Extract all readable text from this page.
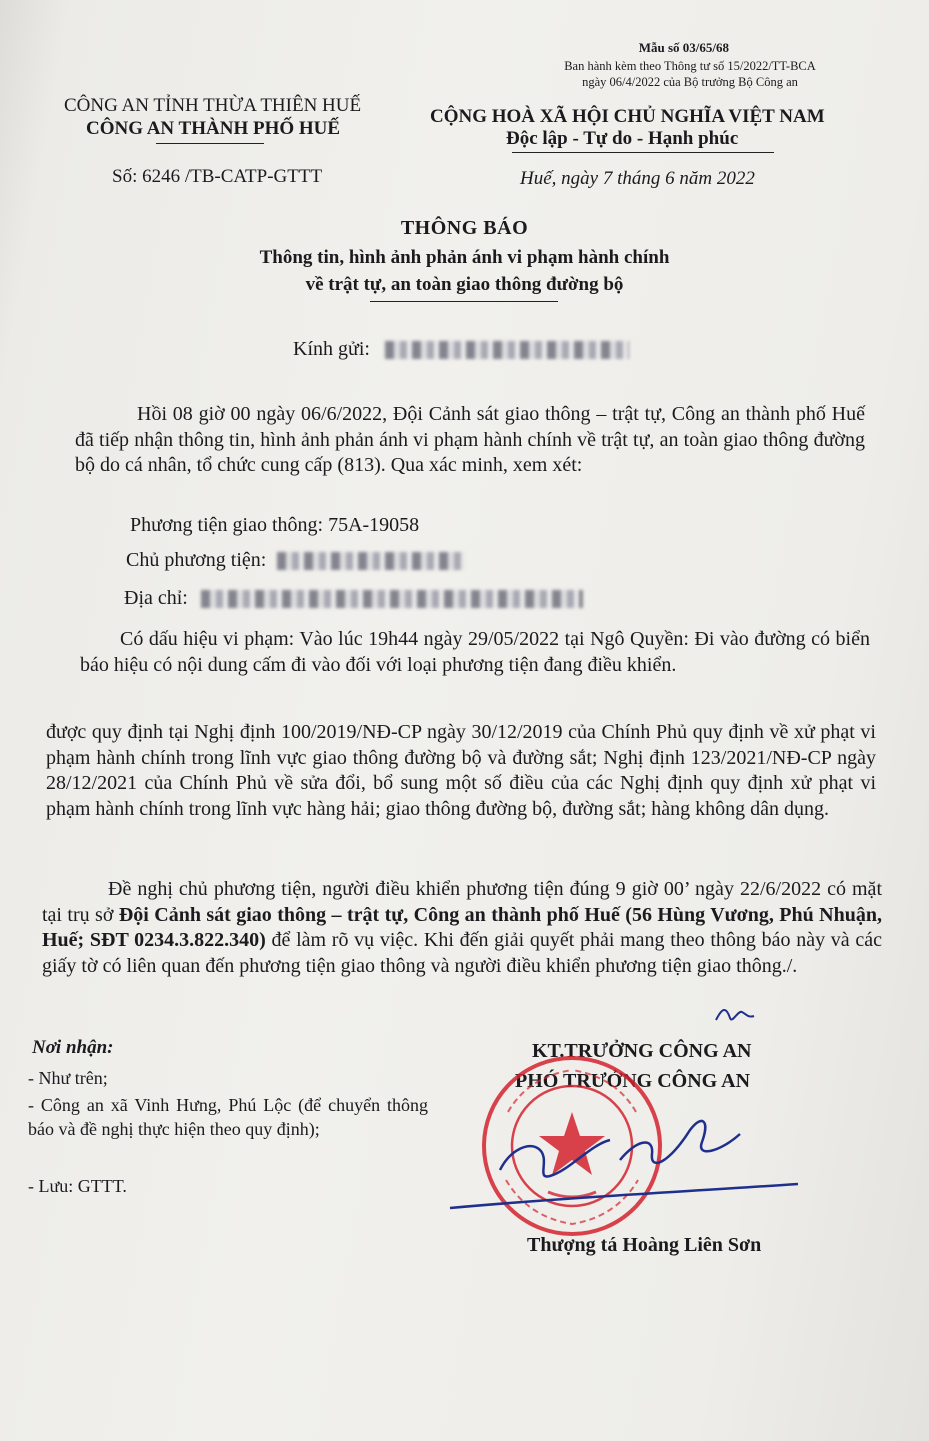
Mẫu số 03/65/68
Ban hành kèm theo Thông tư số 15/2022/TT-BCA
ngày 06/4/2022 của Bộ trưởng Bộ Công an
CÔNG AN TỈNH THỪA THIÊN HUẾ
CÔNG AN THÀNH PHỐ HUẾ
CỘNG HOÀ XÃ HỘI CHỦ NGHĨA VIỆT NAM
Độc lập - Tự do - Hạnh phúc
Số: 6246 /TB-CATP-GTTT	Huế, ngày 7 tháng 6 năm 2022
THÔNG BÁO
Thông tin, hình ảnh phản ánh vi phạm hành chính
về trật tự, an toàn giao thông đường bộ
Kính gửi:
Hồi 08 giờ 00 ngày 06/6/2022, Đội Cảnh sát giao thông – trật tự, Công an thành phố Huế đã tiếp nhận thông tin, hình ảnh phản ánh vi phạm hành chính về trật tự, an toàn giao thông đường bộ do cá nhân, tổ chức cung cấp (813). Qua xác minh, xem xét:
Phương tiện giao thông: 75A-19058
Chủ phương tiện:
Địa chỉ:
Có dấu hiệu vi phạm: Vào lúc 19h44 ngày 29/05/2022 tại Ngô Quyền: Đi vào đường có biển báo hiệu có nội dung cấm đi vào đối với loại phương tiện đang điều khiển.
được quy định tại Nghị định 100/2019/NĐ-CP ngày 30/12/2019 của Chính Phủ quy định về xử phạt vi phạm hành chính trong lĩnh vực giao thông đường bộ và đường sắt; Nghị định 123/2021/NĐ-CP ngày 28/12/2021 của Chính Phủ về sửa đổi, bổ sung một số điều của các Nghị định quy định xử phạt vi phạm hành chính trong lĩnh vực hàng hải; giao thông đường bộ, đường sắt; hàng không dân dụng.
Đề nghị chủ phương tiện, người điều khiển phương tiện đúng 9 giờ 00’ ngày 22/6/2022 có mặt tại trụ sở Đội Cảnh sát giao thông – trật tự, Công an thành phố Huế (56 Hùng Vương, Phú Nhuận, Huế; SĐT 0234.3.822.340) để làm rõ vụ việc. Khi đến giải quyết phải mang theo thông báo này và các giấy tờ có liên quan đến phương tiện giao thông và người điều khiển phương tiện giao thông./.
Nơi nhận:
- Như trên;
- Công an xã Vinh Hưng, Phú Lộc (để chuyển thông báo và đề nghị thực hiện theo quy định);
- Lưu: GTTT.
KT.TRƯỞNG CÔNG AN
PHÓ TRƯỞNG CÔNG AN
Thượng tá Hoàng Liên Sơn
